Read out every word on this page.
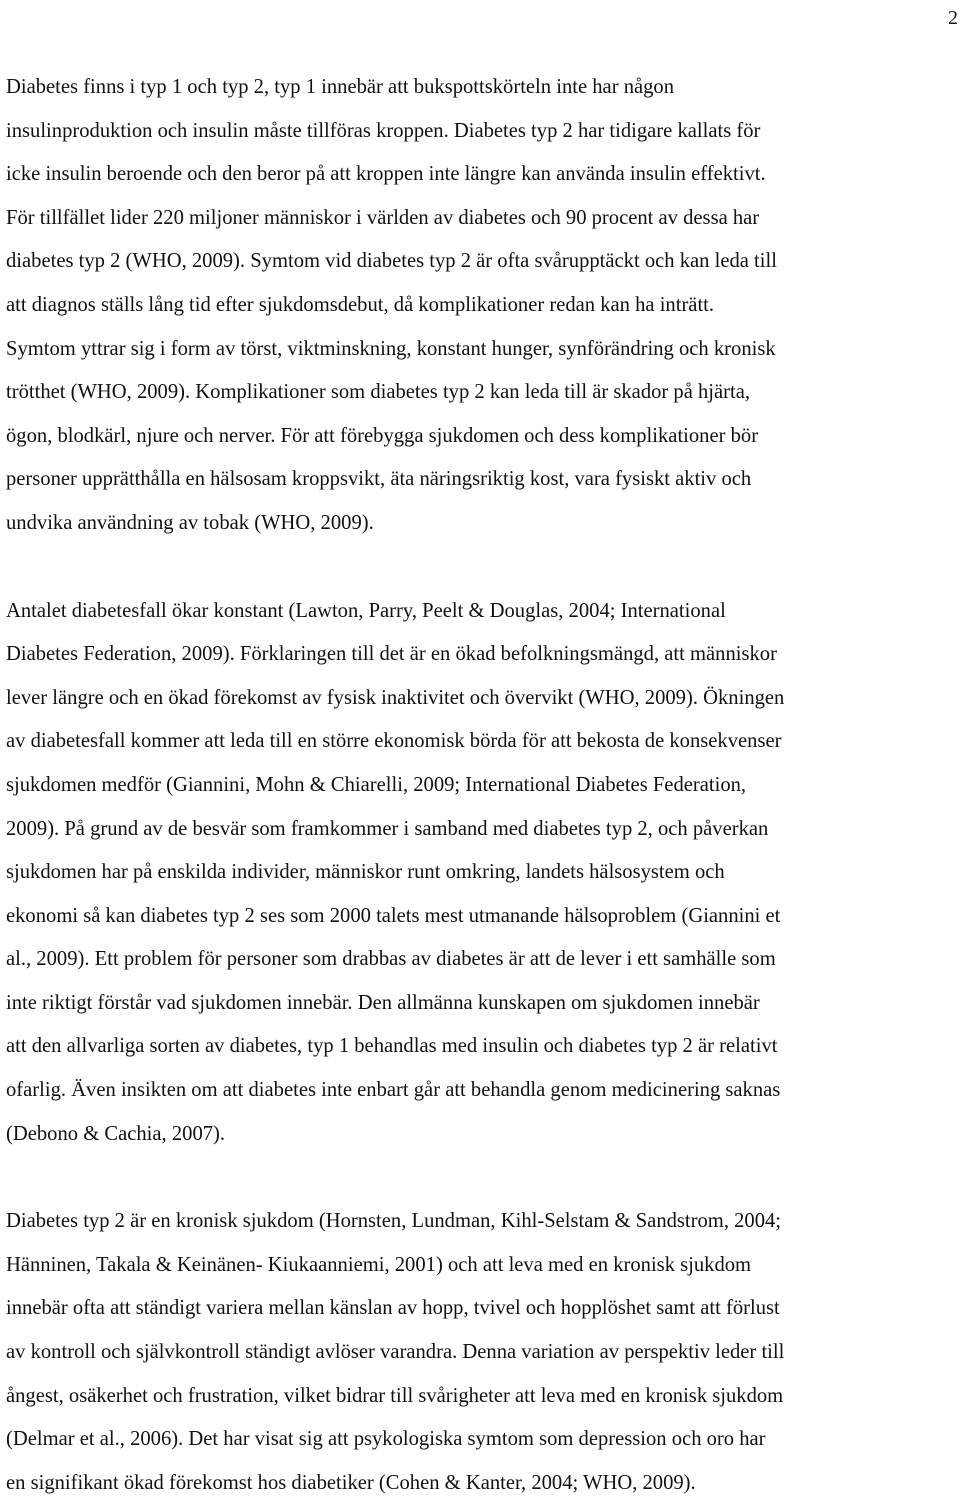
2

Diabetes finns i typ 1 och typ 2, typ 1 innebär att bukspottskörteln inte har någon
insulinproduktion och insulin måste tillföras kroppen. Diabetes typ 2 har tidigare kallats för
icke insulin beroende och den beror på att kroppen inte längre kan använda insulin effektivt.
För tillfället lider 220 miljoner människor i världen av diabetes och 90 procent av dessa har
diabetes typ 2 (WHO, 2009). Symtom vid diabetes typ 2 är ofta svårupptäckt och kan leda till
att diagnos ställs lång tid efter sjukdomsdebut, då komplikationer redan kan ha inträtt.
Symtom yttrar sig i form av törst, viktminskning, konstant hunger, synförändring och kronisk
trötthet (WHO, 2009). Komplikationer som diabetes typ 2 kan leda till är skador på hjärta,
ögon, blodkärl, njure och nerver. För att förebygga sjukdomen och dess komplikationer bör
personer upprätthålla en hälsosam kroppsvikt, äta näringsriktig kost, vara fysiskt aktiv och
undvika användning av tobak (WHO, 2009).

Antalet diabetesfall ökar konstant (Lawton, Parry, Peelt & Douglas, 2004; International
Diabetes Federation, 2009). Förklaringen till det är en ökad befolkningsmängd, att människor
lever längre och en ökad förekomst av fysisk inaktivitet och övervikt (WHO, 2009). Ökningen
av diabetesfall kommer att leda till en större ekonomisk börda för att bekosta de konsekvenser
sjukdomen medför (Giannini, Mohn & Chiarelli, 2009; International Diabetes Federation,
2009). På grund av de besvär som framkommer i samband med diabetes typ 2, och påverkan
sjukdomen har på enskilda individer, människor runt omkring, landets hälsosystem och
ekonomi så kan diabetes typ 2 ses som 2000 talets mest utmanande hälsoproblem (Giannini et
al., 2009). Ett problem för personer som drabbas av diabetes är att de lever i ett samhälle som
inte riktigt förstår vad sjukdomen innebär. Den allmänna kunskapen om sjukdomen innebär
att den allvarliga sorten av diabetes, typ 1 behandlas med insulin och diabetes typ 2 är relativt
ofarlig. Även insikten om att diabetes inte enbart går att behandla genom medicinering saknas
(Debono & Cachia, 2007).

Diabetes typ 2 är en kronisk sjukdom (Hornsten, Lundman, Kihl-Selstam & Sandstrom, 2004;
Hänninen, Takala & Keinänen- Kiukaanniemi, 2001) och att leva med en kronisk sjukdom
innebär ofta att ständigt variera mellan känslan av hopp, tvivel och hopplöshet samt att förlust
av kontroll och självkontroll ständigt avlöser varandra. Denna variation av perspektiv leder till
ångest, osäkerhet och frustration, vilket bidrar till svårigheter att leva med en kronisk sjukdom
(Delmar et al., 2006). Det har visat sig att psykologiska symtom som depression och oro har
en signifikant ökad förekomst hos diabetiker (Cohen & Kanter, 2004; WHO, 2009).
